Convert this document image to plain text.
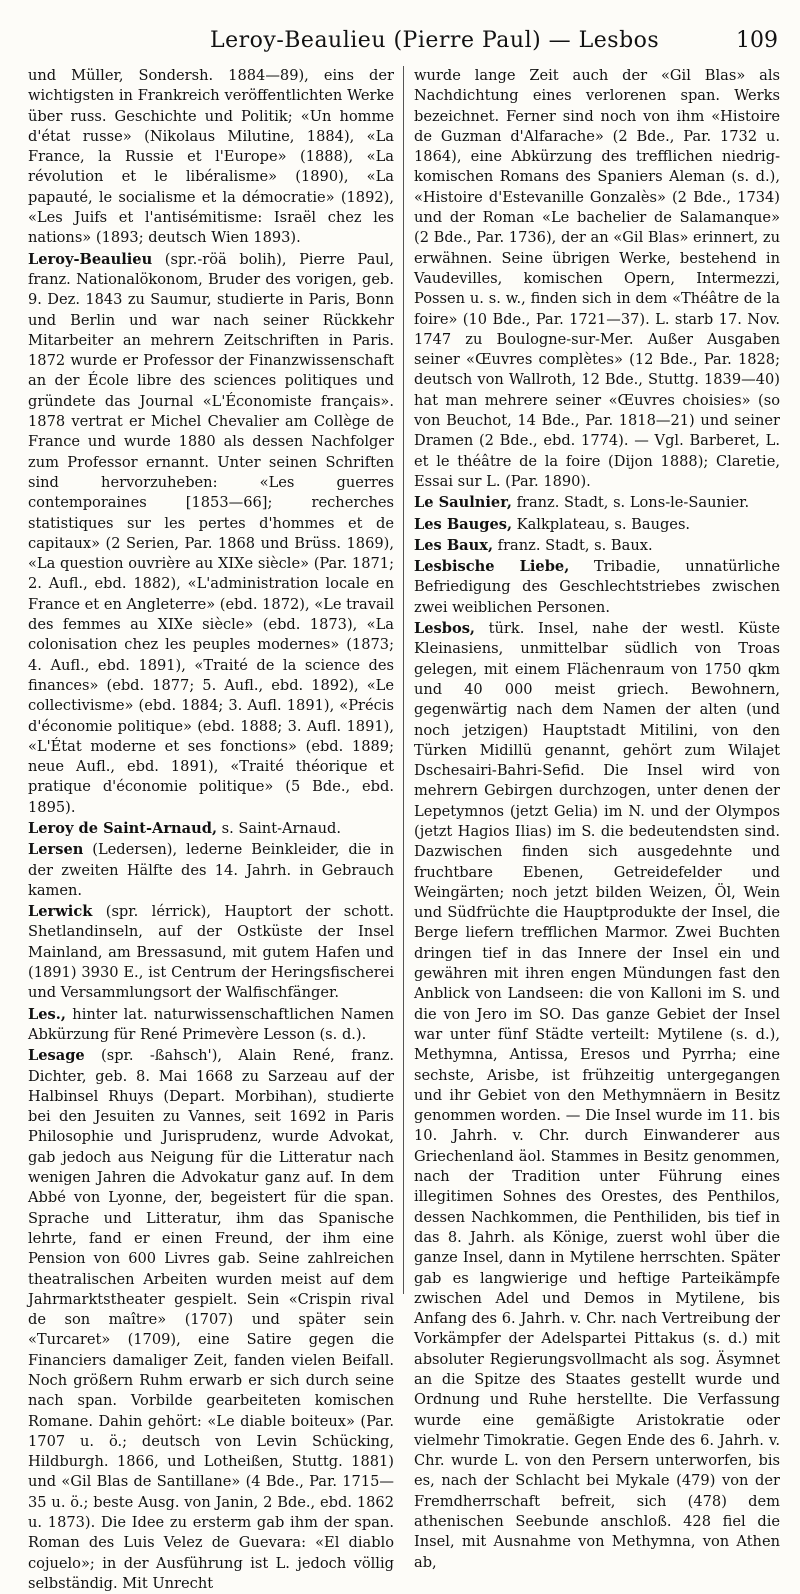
Leroy-Beaulieu (Pierre Paul) — Lesbos	109

und Müller, Sondersh. 1884—89), eins der wichtigsten in Frankreich veröffentlichten Werke über russ. Geschichte und Politik; «Un homme d'état russe» (Nikolaus Milutine, 1884), «La France, la Russie et l'Europe» (1888), «La révolution et le libéralisme» (1890), «La papauté, le socialisme et la démocratie» (1892), «Les Juifs et l'antisémitisme: Israël chez les nations» (1893; deutsch Wien 1893).

Leroy-Beaulieu (spr.-röä bolih), Pierre Paul, franz. Nationalökonom, Bruder des vorigen, geb. 9. Dez. 1843 zu Saumur, studierte in Paris, Bonn und Berlin und war nach seiner Rückkehr Mitarbeiter an mehrern Zeitschriften in Paris. 1872 wurde er Professor der Finanzwissenschaft an der École libre des sciences politiques und gründete das Journal «L'Économiste français». 1878 vertrat er Michel Chevalier am Collège de France und wurde 1880 als dessen Nachfolger zum Professor ernannt. Unter seinen Schriften sind hervorzuheben: «Les guerres contemporaines [1853—66]; recherches statistiques sur les pertes d'hommes et de capitaux» (2 Serien, Par. 1868 und Brüss. 1869), «La question ouvrière au XIXe siècle» (Par. 1871; 2. Aufl., ebd. 1882), «L'administration locale en France et en Angleterre» (ebd. 1872), «Le travail des femmes au XIXe siècle» (ebd. 1873), «La colonisation chez les peuples modernes» (1873; 4. Aufl., ebd. 1891), «Traité de la science des finances» (ebd. 1877; 5. Aufl., ebd. 1892), «Le collectivisme» (ebd. 1884; 3. Aufl. 1891), «Précis d'économie politique» (ebd. 1888; 3. Aufl. 1891), «L'État moderne et ses fonctions» (ebd. 1889; neue Aufl., ebd. 1891), «Traité théorique et pratique d'économie politique» (5 Bde., ebd. 1895).

Leroy de Saint-Arnaud, s. Saint-Arnaud.

Lersen (Ledersen), lederne Beinkleider, die in der zweiten Hälfte des 14. Jahrh. in Gebrauch kamen.

Lerwick (spr. lérrick), Hauptort der schott. Shetlandinseln, auf der Ostküste der Insel Mainland, am Bressasund, mit gutem Hafen und (1891) 3930 E., ist Centrum der Heringsfischerei und Versammlungsort der Walfischfänger.

Les., hinter lat. naturwissenschaftlichen Namen Abkürzung für René Primevère Lesson (s. d.).

Lesage (spr. -ßahsch'), Alain René, franz. Dichter, geb. 8. Mai 1668 zu Sarzeau auf der Halbinsel Rhuys (Depart. Morbihan), studierte bei den Jesuiten zu Vannes, seit 1692 in Paris Philosophie und Jurisprudenz, wurde Advokat, gab jedoch aus Neigung für die Litteratur nach wenigen Jahren die Advokatur ganz auf. In dem Abbé von Lyonne, der, begeistert für die span. Sprache und Litteratur, ihm das Spanische lehrte, fand er einen Freund, der ihm eine Pension von 600 Livres gab. Seine zahlreichen theatralischen Arbeiten wurden meist auf dem Jahrmarktstheater gespielt. Sein «Crispin rival de son maître» (1707) und später sein «Turcaret» (1709), eine Satire gegen die Financiers damaliger Zeit, fanden vielen Beifall. Noch größern Ruhm erwarb er sich durch seine nach span. Vorbilde gearbeiteten komischen Romane. Dahin gehört: «Le diable boiteux» (Par. 1707 u. ö.; deutsch von Levin Schücking, Hildburgh. 1866, und Lotheißen, Stuttg. 1881) und «Gil Blas de Santillane» (4 Bde., Par. 1715—35 u. ö.; beste Ausg. von Janin, 2 Bde., ebd. 1862 u. 1873). Die Idee zu ersterm gab ihm der span. Roman des Luis Velez de Guevara: «El diablo cojuelo»; in der Ausführung ist L. jedoch völlig selbständig. Mit Unrecht

wurde lange Zeit auch der «Gil Blas» als Nachdichtung eines verlorenen span. Werks bezeichnet. Ferner sind noch von ihm «Histoire de Guzman d'Alfarache» (2 Bde., Par. 1732 u. 1864), eine Abkürzung des trefflichen niedrig-komischen Romans des Spaniers Aleman (s. d.), «Histoire d'Estevanille Gonzalès» (2 Bde., 1734) und der Roman «Le bachelier de Salamanque» (2 Bde., Par. 1736), der an «Gil Blas» erinnert, zu erwähnen. Seine übrigen Werke, bestehend in Vaudevilles, komischen Opern, Intermezzi, Possen u. s. w., finden sich in dem «Théâtre de la foire» (10 Bde., Par. 1721—37). L. starb 17. Nov. 1747 zu Boulogne-sur-Mer. Außer Ausgaben seiner «Œuvres complètes» (12 Bde., Par. 1828; deutsch von Wallroth, 12 Bde., Stuttg. 1839—40) hat man mehrere seiner «Œuvres choisies» (so von Beuchot, 14 Bde., Par. 1818—21) und seiner Dramen (2 Bde., ebd. 1774). — Vgl. Barberet, L. et le théâtre de la foire (Dijon 1888); Claretie, Essai sur L. (Par. 1890).

Le Saulnier, franz. Stadt, s. Lons-le-Saunier.

Les Bauges, Kalkplateau, s. Bauges.

Les Baux, franz. Stadt, s. Baux.

Lesbische Liebe, Tribadie, unnatürliche Befriedigung des Geschlechtstriebes zwischen zwei weiblichen Personen.

Lesbos, türk. Insel, nahe der westl. Küste Kleinasiens, unmittelbar südlich von Troas gelegen, mit einem Flächenraum von 1750 qkm und 40 000 meist griech. Bewohnern, gegenwärtig nach dem Namen der alten (und noch jetzigen) Hauptstadt Mitilini, von den Türken Midillü genannt, gehört zum Wilajet Dschesairi-Bahri-Sefid. Die Insel wird von mehrern Gebirgen durchzogen, unter denen der Lepetymnos (jetzt Gelia) im N. und der Olympos (jetzt Hagios Ilias) im S. die bedeutendsten sind. Dazwischen finden sich ausgedehnte und fruchtbare Ebenen, Getreidefelder und Weingärten; noch jetzt bilden Weizen, Öl, Wein und Südfrüchte die Hauptprodukte der Insel, die Berge liefern trefflichen Marmor. Zwei Buchten dringen tief in das Innere der Insel ein und gewähren mit ihren engen Mündungen fast den Anblick von Landseen: die von Kalloni im S. und die von Jero im SO. Das ganze Gebiet der Insel war unter fünf Städte verteilt: Mytilene (s. d.), Methymna, Antissa, Eresos und Pyrrha; eine sechste, Arisbe, ist frühzeitig untergegangen und ihr Gebiet von den Methymnäern in Besitz genommen worden. — Die Insel wurde im 11. bis 10. Jahrh. v. Chr. durch Einwanderer aus Griechenland äol. Stammes in Besitz genommen, nach der Tradition unter Führung eines illegitimen Sohnes des Orestes, des Penthilos, dessen Nachkommen, die Penthiliden, bis tief in das 8. Jahrh. als Könige, zuerst wohl über die ganze Insel, dann in Mytilene herrschten. Später gab es langwierige und heftige Parteikämpfe zwischen Adel und Demos in Mytilene, bis Anfang des 6. Jahrh. v. Chr. nach Vertreibung der Vorkämpfer der Adelspartei Pittakus (s. d.) mit absoluter Regierungsvollmacht als sog. Äsymnet an die Spitze des Staates gestellt wurde und Ordnung und Ruhe herstellte. Die Verfassung wurde eine gemäßigte Aristokratie oder vielmehr Timokratie. Gegen Ende des 6. Jahrh. v. Chr. wurde L. von den Persern unterworfen, bis es, nach der Schlacht bei Mykale (479) von der Fremdherrschaft befreit, sich (478) dem athenischen Seebunde anschloß. 428 fiel die Insel, mit Ausnahme von Methymna, von Athen ab,
